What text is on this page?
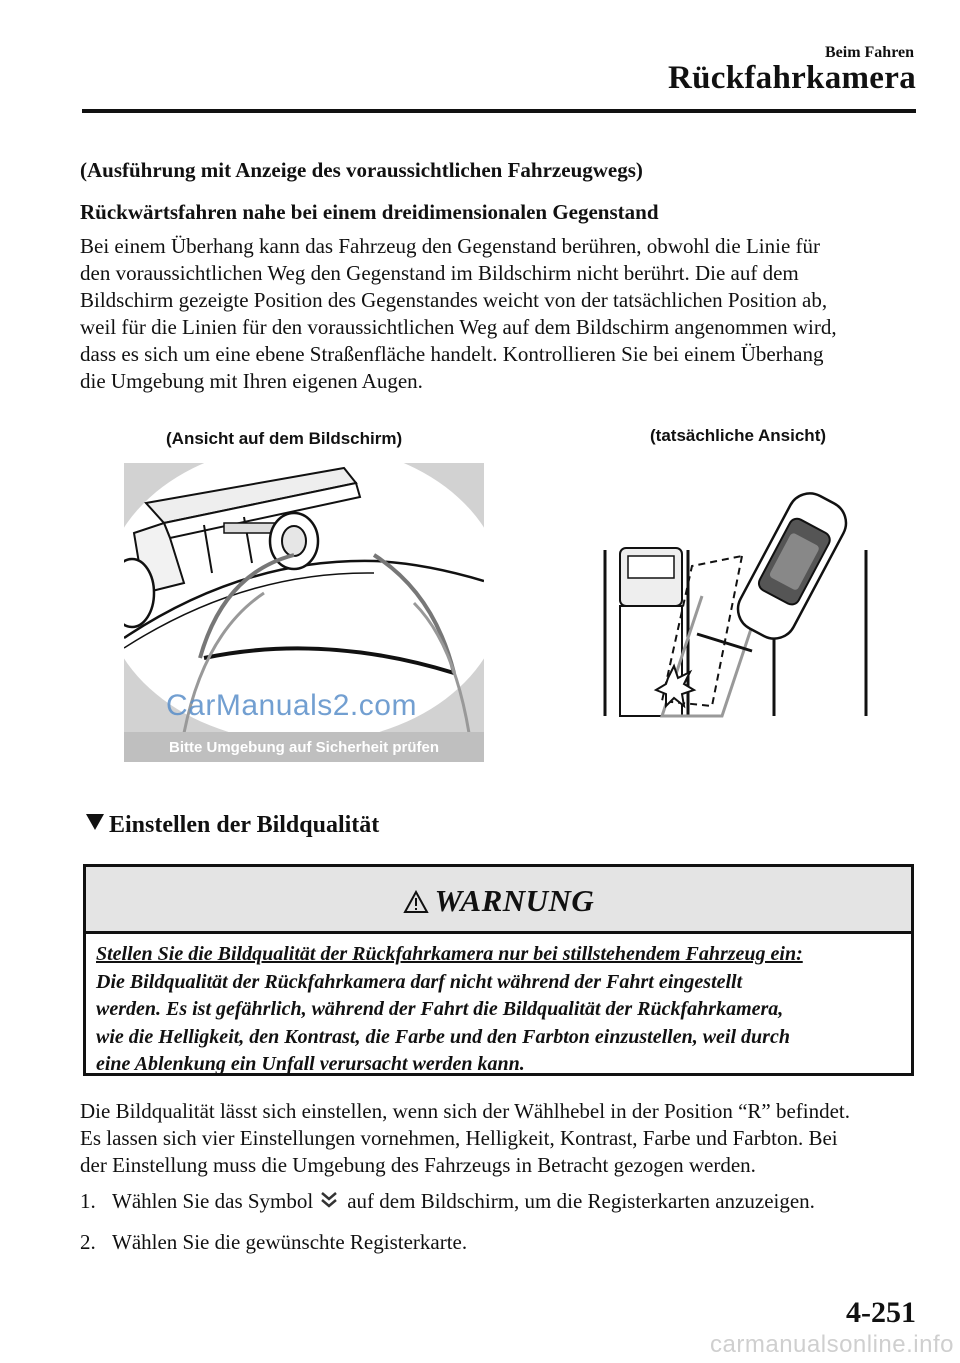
Beim Fahren
Rückfahrkamera
(Ausführung mit Anzeige des voraussichtlichen Fahrzeugwegs)
Rückwärtsfahren nahe bei einem dreidimensionalen Gegenstand
Bei einem Überhang kann das Fahrzeug den Gegenstand berühren, obwohl die Linie für
den voraussichtlichen Weg den Gegenstand im Bildschirm nicht berührt. Die auf dem
Bildschirm gezeigte Position des Gegenstandes weicht von der tatsächlichen Position ab,
weil für die Linien für den voraussichtlichen Weg auf dem Bildschirm angenommen wird,
dass es sich um eine ebene Straßenfläche handelt. Kontrollieren Sie bei einem Überhang
die Umgebung mit Ihren eigenen Augen.
(Ansicht auf dem Bildschirm)	(tatsächliche Ansicht)
CarManuals2.com
Bitte Umgebung auf Sicherheit prüfen
Einstellen der Bildqualität
WARNUNG
Stellen Sie die Bildqualität der Rückfahrkamera nur bei stillstehendem Fahrzeug ein:
Die Bildqualität der Rückfahrkamera darf nicht während der Fahrt eingestellt
werden. Es ist gefährlich, während der Fahrt die Bildqualität der Rückfahrkamera,
wie die Helligkeit, den Kontrast, die Farbe und den Farbton einzustellen, weil durch
eine Ablenkung ein Unfall verursacht werden kann.
Die Bildqualität lässt sich einstellen, wenn sich der Wählhebel in der Position “R” befindet.
Es lassen sich vier Einstellungen vornehmen, Helligkeit, Kontrast, Farbe und Farbton. Bei
der Einstellung muss die Umgebung des Fahrzeugs in Betracht gezogen werden.
1. Wählen Sie das Symbol auf dem Bildschirm, um die Registerkarten anzuzeigen.
2. Wählen Sie die gewünschte Registerkarte.
4-251
carmanualsonline.info
